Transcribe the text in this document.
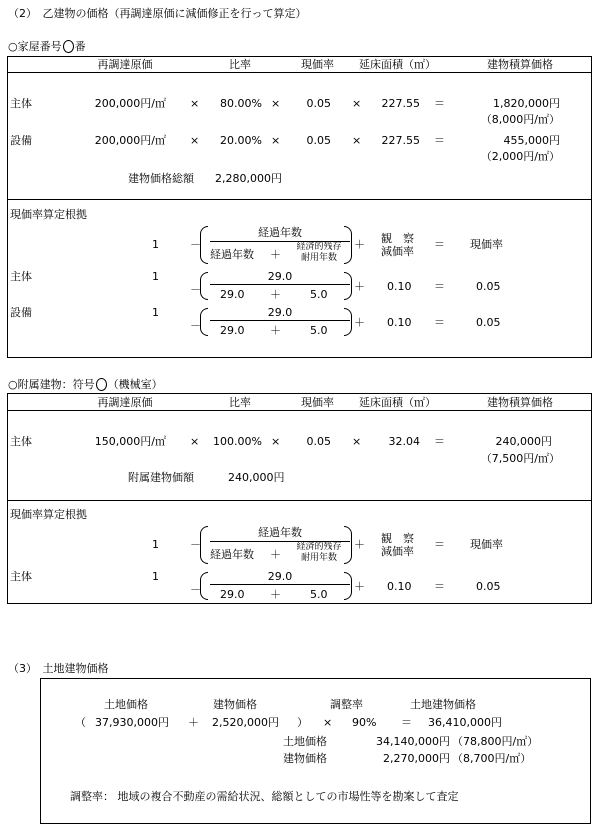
（2）　乙建物の価格（再調達原価に減価修正を行って算定）
○家屋番号 番
再調達原価	比率	現価率	延床面積（㎡）	建物積算価格
主体	200,000円/㎡ ×	80.00% ×	0.05 ×	227.55 ＝	1,820,000円
（8,000円/㎡）
設備	200,000円/㎡ ×	20.00% ×	0.05 ×	227.55 ＝	455,000円
（2,000円/㎡）
建物価格総額 2,280,000円
現価率算定根拠
1	－
経過年数
経過年数 ＋
経済的残存
耐用年数
＋ 観　察
減価率
＝ 現価率
主体	1
－
29.0
29.0 ＋	5.0
＋ 0.10 ＝	0.05
設備	1
－
29.0
29.0 ＋	5.0
＋ 0.10 ＝	0.05
○附属建物：符号 （機械室）
再調達原価	比率	現価率	延床面積（㎡）	建物積算価格
主体	150,000円/㎡ ×	100.00% ×	0.05 ×	32.04 ＝	240,000円
（7,500円/㎡）
附属建物価額	240,000円
現価率算定根拠
1	－
経過年数
経過年数 ＋
経済的残存
耐用年数
＋ 観　察
減価率
＝ 現価率
主体	1
－
29.0
29.0 ＋	5.0
＋ 0.10 ＝	0.05
（3）　土地建物価格
土地価格	建物価格	調整率	土地建物価格
（ 37,930,000円 ＋ 2,520,000円 ） × 90% ＝ 36,410,000円
土地価格	34,140,000円 （78,800円/㎡）
建物価格	2,270,000円 （8,700円/㎡）
調整率： 地域の複合不動産の需給状況、総額としての市場性等を勘案して査定
